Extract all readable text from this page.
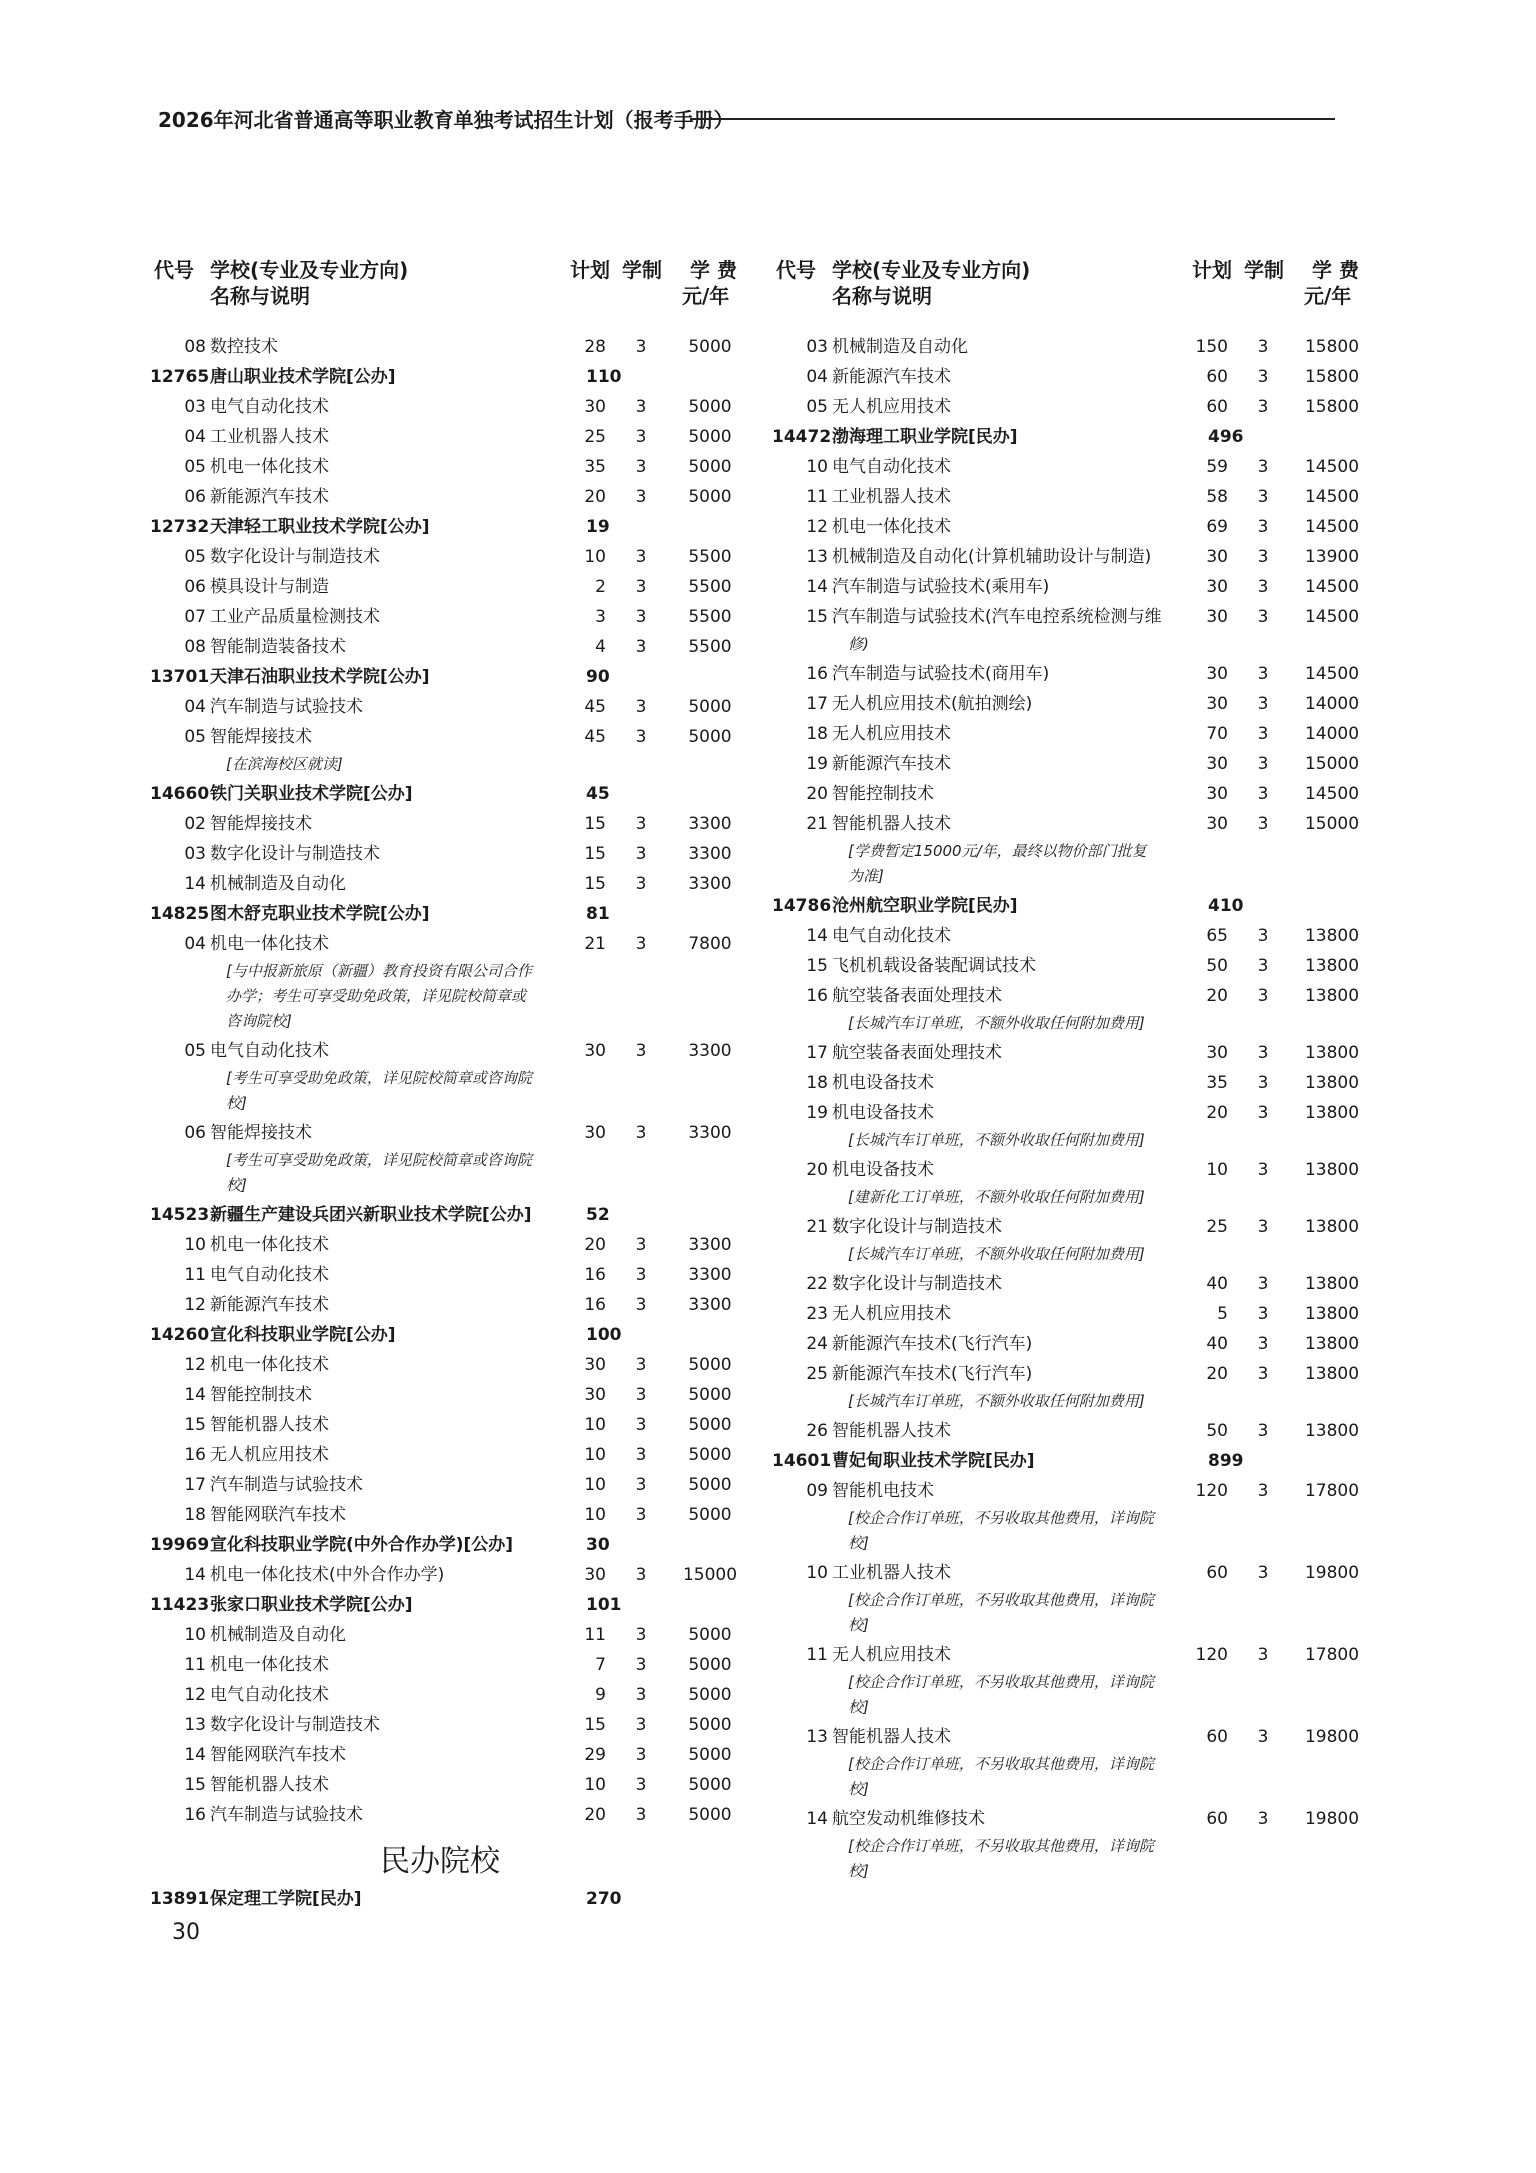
2026年河北省普通高等职业教育单独考试招生计划（报考手册）
代号 学校(专业及专业方向)
名称与说明
计划 学制 学 费
元/年
08 数控技术	28	3	5000
12765 唐山职业技术学院[公办]	110
03 电气自动化技术	30	3	5000
04 工业机器人技术	25	3	5000
05 机电一体化技术	35	3	5000
06 新能源汽车技术	20	3	5000
12732 天津轻工职业技术学院[公办]	19
05 数字化设计与制造技术	10	3	5500
06 模具设计与制造	2	3	5500
07 工业产品质量检测技术	3	3	5500
08 智能制造装备技术	4	3	5500
13701 天津石油职业技术学院[公办]	90
04 汽车制造与试验技术	45	3	5000
05 智能焊接技术	45	3	5000
[在滨海校区就读]
14660 铁门关职业技术学院[公办]	45
02 智能焊接技术	15	3	3300
03 数字化设计与制造技术	15	3	3300
14 机械制造及自动化	15	3	3300
14825 图木舒克职业技术学院[公办]	81
04 机电一体化技术	21	3	7800
[与中报新旅原（新疆）教育投资有限公司合作办学；考生可享受助免政策，详见院校简章或咨询院校]
05 电气自动化技术	30	3	3300
[考生可享受助免政策，详见院校简章或咨询院校]
06 智能焊接技术	30	3	3300
[考生可享受助免政策，详见院校简章或咨询院校]
14523 新疆生产建设兵团兴新职业技术学院[公办]	52
10 机电一体化技术	20	3	3300
11 电气自动化技术	16	3	3300
12 新能源汽车技术	16	3	3300
14260 宣化科技职业学院[公办]	100
12 机电一体化技术	30	3	5000
14 智能控制技术	30	3	5000
15 智能机器人技术	10	3	5000
16 无人机应用技术	10	3	5000
17 汽车制造与试验技术	10	3	5000
18 智能网联汽车技术	10	3	5000
19969 宣化科技职业学院(中外合作办学)[公办]	30
14 机电一体化技术(中外合作办学)	30	3	15000
11423 张家口职业技术学院[公办]	101
10 机械制造及自动化	11	3	5000
11 机电一体化技术	7	3	5000
12 电气自动化技术	9	3	5000
13 数字化设计与制造技术	15	3	5000
14 智能网联汽车技术	29	3	5000
15 智能机器人技术	10	3	5000
16 汽车制造与试验技术	20	3	5000
民办院校
13891 保定理工学院[民办]	270
代号 学校(专业及专业方向)
名称与说明
计划 学制 学 费
元/年
03 机械制造及自动化	150	3	15800
04 新能源汽车技术	60	3	15800
05 无人机应用技术	60	3	15800
14472 渤海理工职业学院[民办]	496
10 电气自动化技术	59	3	14500
11 工业机器人技术	58	3	14500
12 机电一体化技术	69	3	14500
13 机械制造及自动化(计算机辅助设计与制造)	30	3	13900
14 汽车制造与试验技术(乘用车)	30	3	14500
15 汽车制造与试验技术(汽车电控系统检测与维	30	3	14500
修)
16 汽车制造与试验技术(商用车)	30	3	14500
17 无人机应用技术(航拍测绘)	30	3	14000
18 无人机应用技术	70	3	14000
19 新能源汽车技术	30	3	15000
20 智能控制技术	30	3	14500
21 智能机器人技术	30	3	15000
[学费暂定15000元/年，最终以物价部门批复为准]
14786 沧州航空职业学院[民办]	410
14 电气自动化技术	65	3	13800
15 飞机机载设备装配调试技术	50	3	13800
16 航空装备表面处理技术	20	3	13800
[长城汽车订单班，不额外收取任何附加费用]
17 航空装备表面处理技术	30	3	13800
18 机电设备技术	35	3	13800
19 机电设备技术	20	3	13800
[长城汽车订单班，不额外收取任何附加费用]
20 机电设备技术	10	3	13800
[建新化工订单班，不额外收取任何附加费用]
21 数字化设计与制造技术	25	3	13800
[长城汽车订单班，不额外收取任何附加费用]
22 数字化设计与制造技术	40	3	13800
23 无人机应用技术	5	3	13800
24 新能源汽车技术(飞行汽车)	40	3	13800
25 新能源汽车技术(飞行汽车)	20	3	13800
[长城汽车订单班，不额外收取任何附加费用]
26 智能机器人技术	50	3	13800
14601 曹妃甸职业技术学院[民办]	899
09 智能机电技术	120	3	17800
[校企合作订单班，不另收取其他费用，详询院校]
10 工业机器人技术	60	3	19800
[校企合作订单班，不另收取其他费用，详询院校]
11 无人机应用技术	120	3	17800
[校企合作订单班，不另收取其他费用，详询院校]
13 智能机器人技术	60	3	19800
[校企合作订单班，不另收取其他费用，详询院校]
14 航空发动机维修技术	60	3	19800
[校企合作订单班，不另收取其他费用，详询院校]
30
